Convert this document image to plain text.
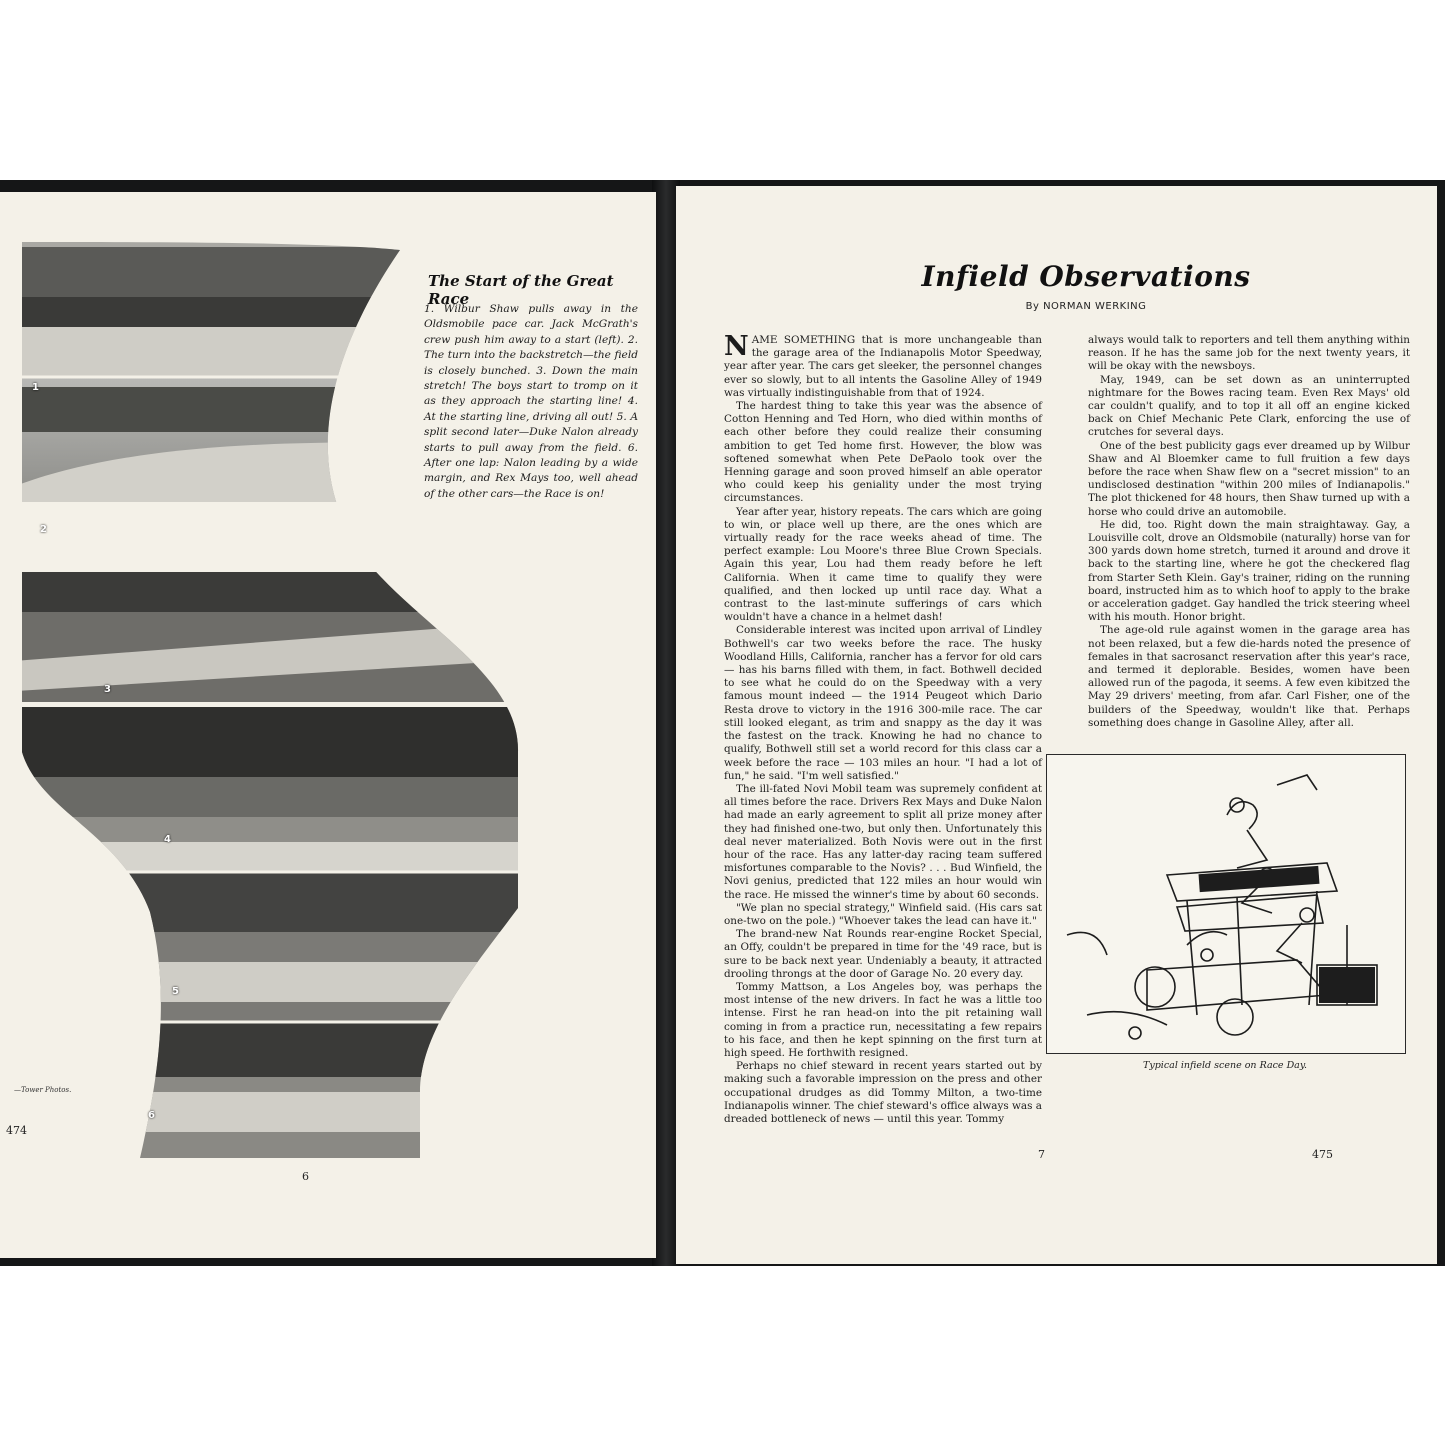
1
2
3
4
5
6
The Start of the Great Race
1. Wilbur Shaw pulls away in the Oldsmobile pace car. Jack McGrath's crew push him away to a start (left). 2. The turn into the backstretch—the field is closely bunched. 3. Down the main stretch! The boys start to tromp on it as they approach the starting line! 4. At the starting line, driving all out! 5. A split second later—Duke Nalon already starts to pull away from the field. 6. After one lap: Nalon leading by a wide margin, and Rex Mays too, well ahead of the other cars—the Race is on!
—Tower Photos.
474
6
Infield Observations
By NORMAN WERKING

NAME SOMETHING that is more unchangeable than the garage area of the Indianapolis Motor Speedway, year after year. The cars get sleeker, the personnel changes ever so slowly, but to all intents the Gasoline Alley of 1949 was virtually indistinguishable from that of 1924.

The hardest thing to take this year was the absence of Cotton Henning and Ted Horn, who died within months of each other before they could realize their consuming ambition to get Ted home first. However, the blow was softened somewhat when Pete DePaolo took over the Henning garage and soon proved himself an able operator who could keep his geniality under the most trying circumstances.

Year after year, history repeats. The cars which are going to win, or place well up there, are the ones which are virtually ready for the race weeks ahead of time. The perfect example: Lou Moore's three Blue Crown Specials. Again this year, Lou had them ready before he left California. When it came time to qualify they were qualified, and then locked up until race day. What a contrast to the last-minute sufferings of cars which wouldn't have a chance in a helmet dash!

Considerable interest was incited upon arrival of Lindley Bothwell's car two weeks before the race. The husky Woodland Hills, California, rancher has a fervor for old cars — has his barns filled with them, in fact. Bothwell decided to see what he could do on the Speedway with a very famous mount indeed — the 1914 Peugeot which Dario Resta drove to victory in the 1916 300-mile race. The car still looked elegant, as trim and snappy as the day it was the fastest on the track. Knowing he had no chance to qualify, Bothwell still set a world record for this class car a week before the race — 103 miles an hour. "I had a lot of fun," he said. "I'm well satisfied."

The ill-fated Novi Mobil team was supremely confident at all times before the race. Drivers Rex Mays and Duke Nalon had made an early agreement to split all prize money after they had finished one-two, but only then. Unfortunately this deal never materialized. Both Novis were out in the first hour of the race. Has any latter-day racing team suffered misfortunes comparable to the Novis? . . . Bud Winfield, the Novi genius, predicted that 122 miles an hour would win the race. He missed the winner's time by about 60 seconds.

"We plan no special strategy," Winfield said. (His cars sat one-two on the pole.) "Whoever takes the lead can have it."

The brand-new Nat Rounds rear-engine Rocket Special, an Offy, couldn't be prepared in time for the '49 race, but is sure to be back next year. Undeniably a beauty, it attracted drooling throngs at the door of Garage No. 20 every day.

Tommy Mattson, a Los Angeles boy, was perhaps the most intense of the new drivers. In fact he was a little too intense. First he ran head-on into the pit retaining wall coming in from a practice run, necessitating a few repairs to his face, and then he kept spinning on the first turn at high speed. He forthwith resigned.

Perhaps no chief steward in recent years started out by making such a favorable impression on the press and other occupational drudges as did Tommy Milton, a two-time Indianapolis winner. The chief steward's office always was a dreaded bottleneck of news — until this year. Tommy

always would talk to reporters and tell them anything within reason. If he has the same job for the next twenty years, it will be okay with the newsboys.

May, 1949, can be set down as an uninterrupted nightmare for the Bowes racing team. Even Rex Mays' old car couldn't qualify, and to top it all off an engine kicked back on Chief Mechanic Pete Clark, enforcing the use of crutches for several days.

One of the best publicity gags ever dreamed up by Wilbur Shaw and Al Bloemker came to full fruition a few days before the race when Shaw flew on a "secret mission" to an undisclosed destination "within 200 miles of Indianapolis." The plot thickened for 48 hours, then Shaw turned up with a horse who could drive an automobile.

He did, too. Right down the main straightaway. Gay, a Louisville colt, drove an Oldsmobile (naturally) horse van for 300 yards down home stretch, turned it around and drove it back to the starting line, where he got the checkered flag from Starter Seth Klein. Gay's trainer, riding on the running board, instructed him as to which hoof to apply to the brake or acceleration gadget. Gay handled the trick steering wheel with his mouth. Honor bright.

The age-old rule against women in the garage area has not been relaxed, but a few die-hards noted the presence of females in that sacrosanct reservation after this year's race, and termed it deplorable. Besides, women have been allowed run of the pagoda, it seems. A few even kibitzed the May 29 drivers' meeting, from afar. Carl Fisher, one of the builders of the Speedway, wouldn't like that. Perhaps something does change in Gasoline Alley, after all.

Typical infield scene on Race Day.
7	475
